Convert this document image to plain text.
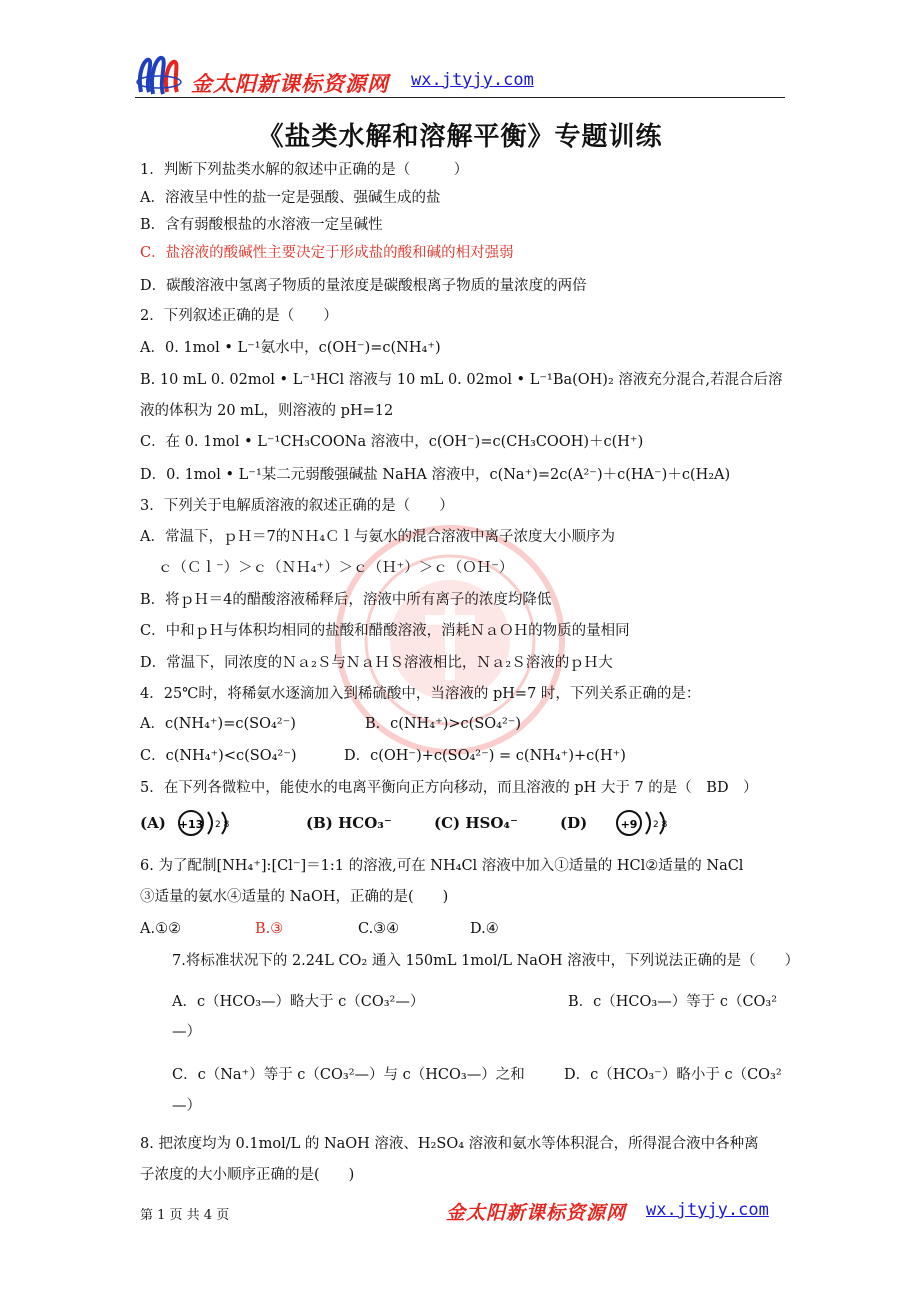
金太阳新课标资源网 wx.jtyjy.com
《盐类水解和溶解平衡》专题训练
1．判断下列盐类水解的叙述中正确的是（　　　）
A．溶液呈中性的盐一定是强酸、强碱生成的盐
B．含有弱酸根盐的水溶液一定呈碱性
C．盐溶液的酸碱性主要决定于形成盐的酸和碱的相对强弱
D．碳酸溶液中氢离子物质的量浓度是碳酸根离子物质的量浓度的两倍
2．下列叙述正确的是（　　）
A．0. 1mol • L⁻¹氨水中，c(OH⁻)=c(NH₄⁺)
B. 10 mL 0. 02mol • L⁻¹HCl 溶液与 10 mL 0. 02mol • L⁻¹Ba(OH)₂ 溶液充分混合,若混合后溶
液的体积为 20 mL，则溶液的 pH=12
C．在 0. 1mol • L⁻¹CH₃COONa 溶液中，c(OH⁻)=c(CH₃COOH)＋c(H⁺)
D．0. 1mol • L⁻¹某二元弱酸强碱盐 NaHA 溶液中，c(Na⁺)=2c(A²⁻)＋c(HA⁻)＋c(H₂A)
3．下列关于电解质溶液的叙述正确的是（　　）
A．常温下，ｐＨ＝7的ＮＨ₄Ｃｌ与氨水的混合溶液中离子浓度大小顺序为
ｃ（Ｃｌ⁻）＞ｃ（ＮＨ₄⁺）＞ｃ（Ｈ⁺）＞ｃ（ＯＨ⁻）
B．将ｐＨ＝4的醋酸溶液稀释后，溶液中所有离子的浓度均降低
C．中和ｐＨ与体积均相同的盐酸和醋酸溶液，消耗ＮａＯＨ的物质的量相同
D．常温下，同浓度的Ｎａ₂Ｓ与ＮａＨＳ溶液相比，Ｎａ₂Ｓ溶液的ｐＨ大
4．25℃时，将稀氨水逐滴加入到稀硫酸中，当溶液的 pH=7 时，下列关系正确的是：
A．c(NH₄⁺)=c(SO₄²⁻)	B．c(NH₄⁺)>c(SO₄²⁻)
C．c(NH₄⁺)<c(SO₄²⁻)	D．c(OH⁻)+c(SO₄²⁻) = c(NH₄⁺)+c(H⁺)
5．在下列各微粒中，能使水的电离平衡向正方向移动，而且溶液的 pH 大于 7 的是（　BD　）
(A) +13 2 8	(B) HCO₃⁻	(C) HSO₄⁻	(D)	+9 2 8
6. 为了配制[NH₄⁺]:[Cl⁻]＝1:1 的溶液,可在 NH₄Cl 溶液中加入①适量的 HCl②适量的 NaCl
③适量的氨水④适量的 NaOH，正确的是(　　)
A.①②	B.③	C.③④	D.④
7.将标准状况下的 2.24L CO₂ 通入 150mL 1mol/L NaOH 溶液中，下列说法正确的是（　　）
A．c（HCO₃—）略大于 c（CO₃²—）	B．c（HCO₃—）等于 c（CO₃²
—）
C．c（Na⁺）等于 c（CO₃²—）与 c（HCO₃—）之和	D．c（HCO₃⁻）略小于 c（CO₃²
—）
8. 把浓度均为 0.1mol/L 的 NaOH 溶液、H₂SO₄ 溶液和氨水等体积混合，所得混合液中各种离
子浓度的大小顺序正确的是(　　)
第 1 页 共 4 页	金太阳新课标资源网 wx.jtyjy.com
